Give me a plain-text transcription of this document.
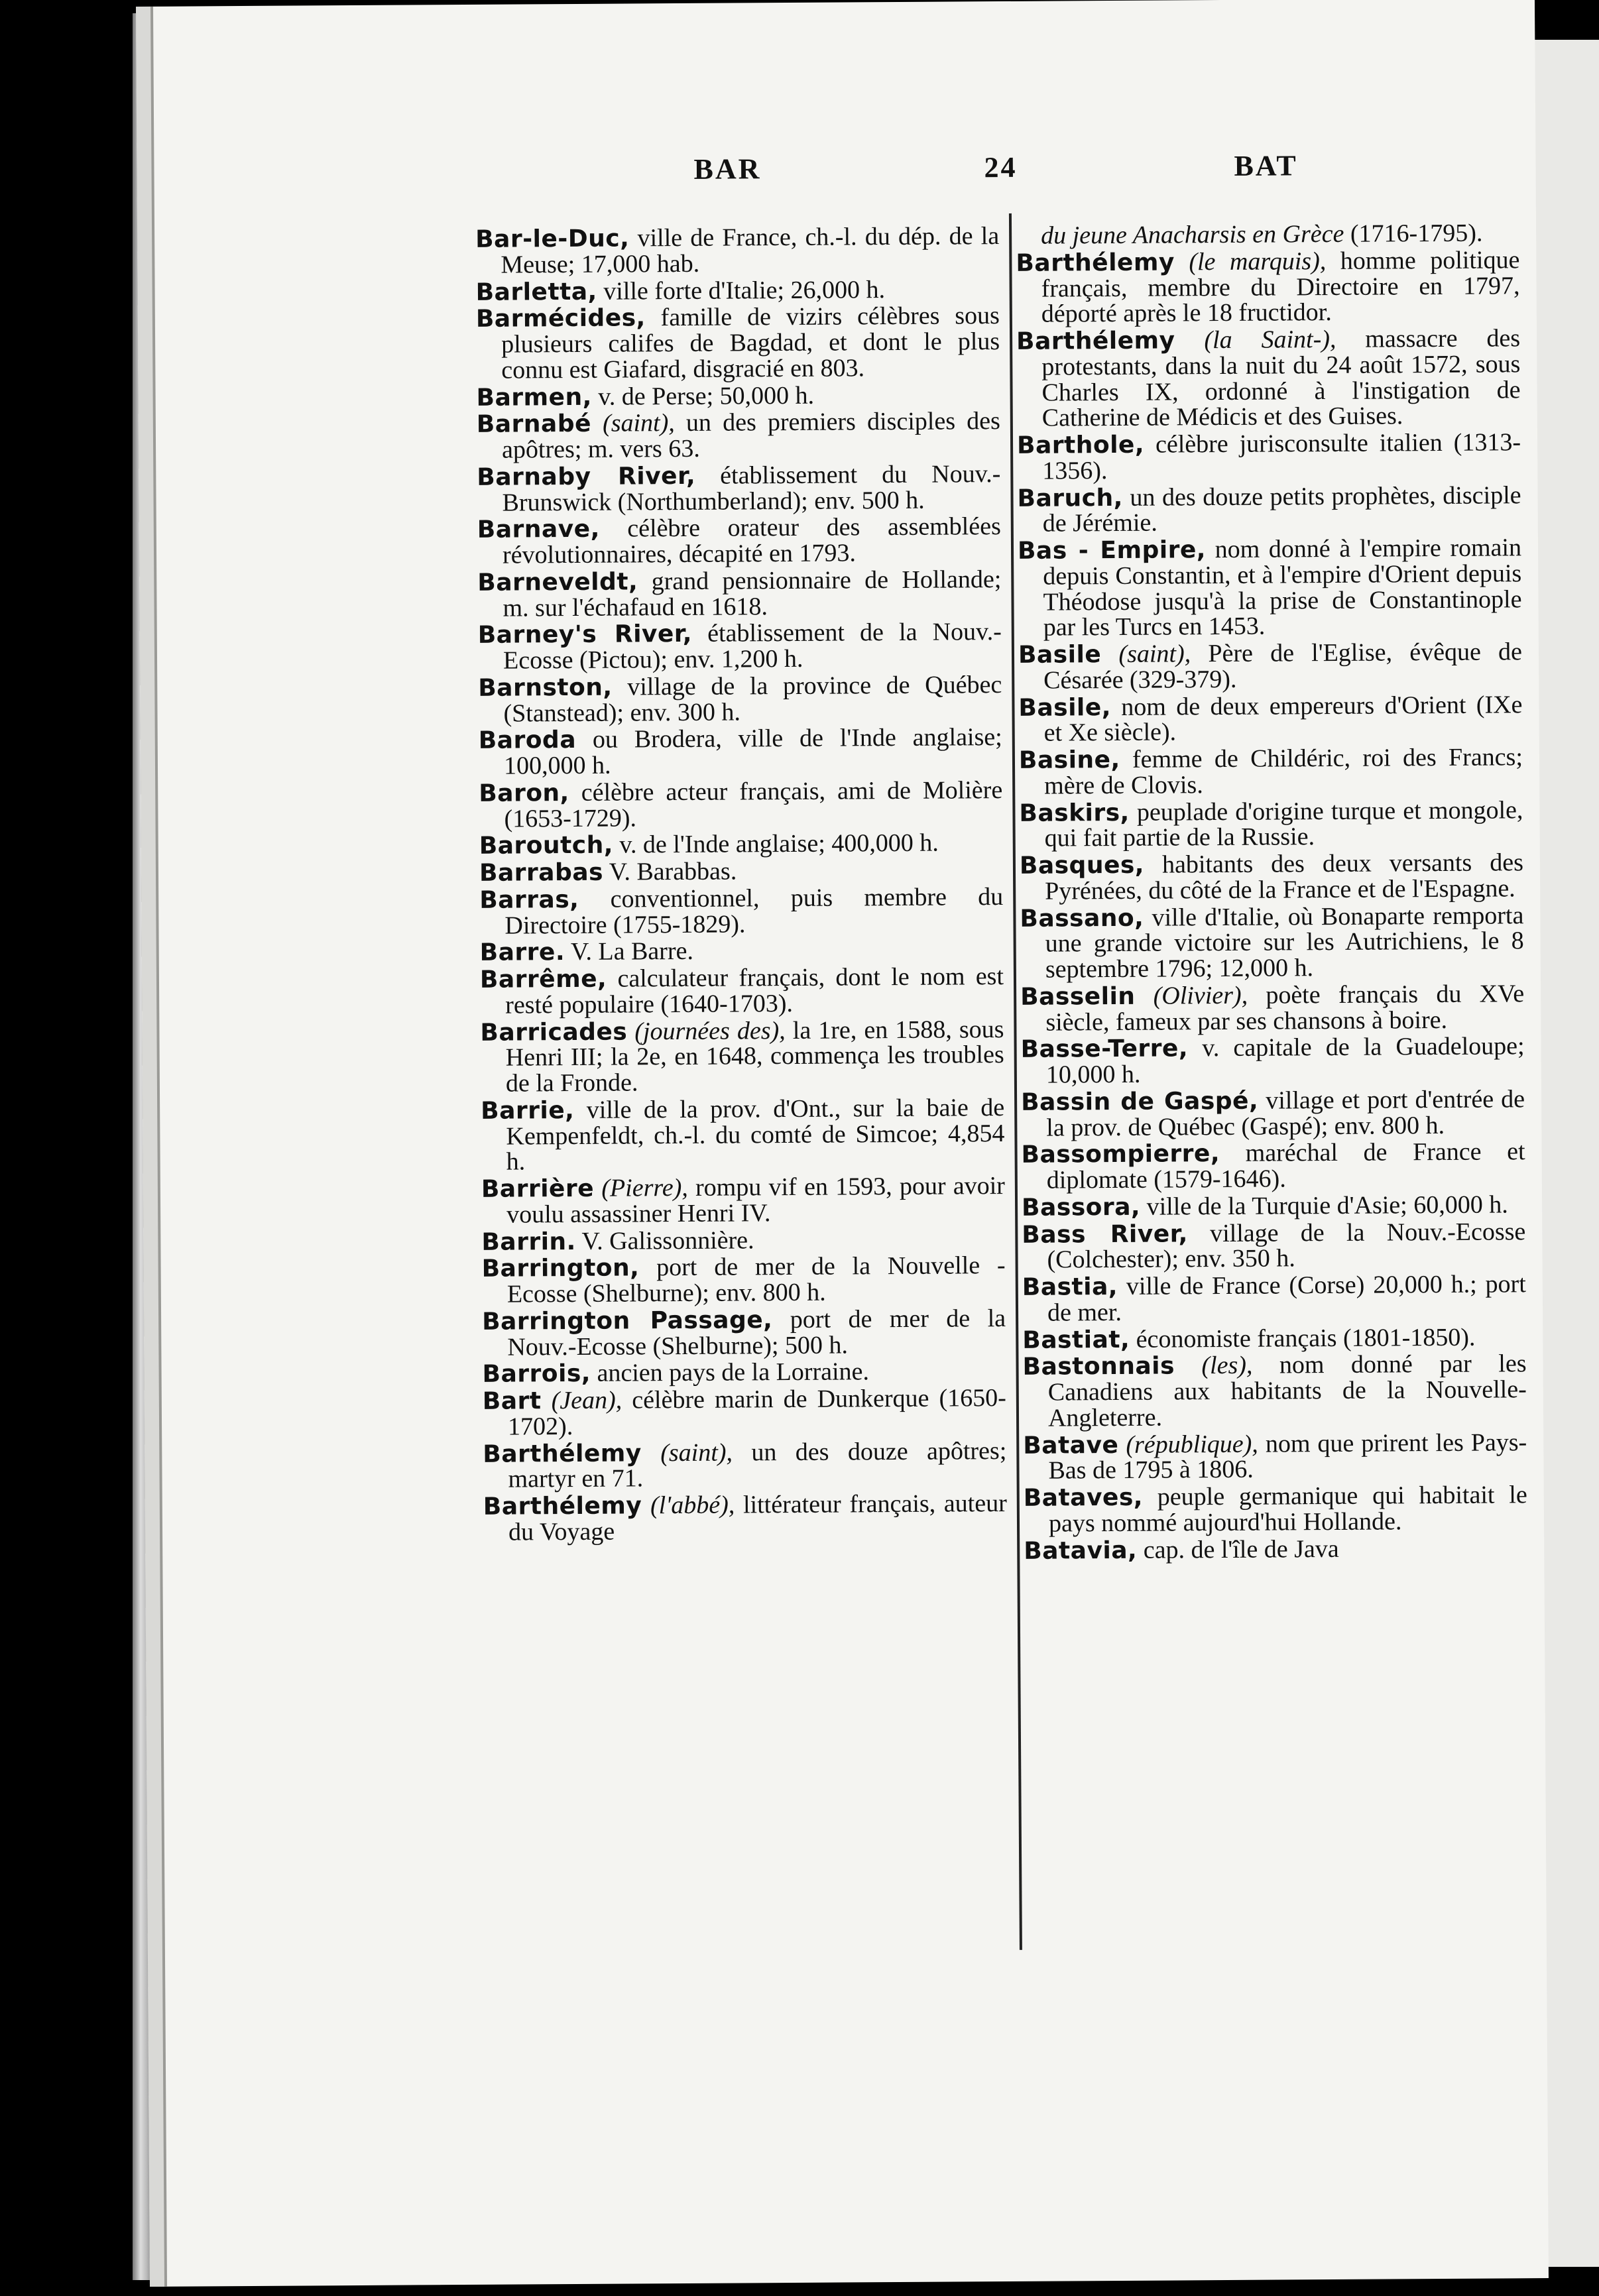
BAR	24	BAT

Bar-le-Duc, ville de France, ch.-l. du dép. de la Meuse; 17,000 hab.

Barletta, ville forte d'Italie; 26,000 h.

Barmécides, famille de vizirs célèbres sous plusieurs califes de Bagdad, et dont le plus connu est Giafard, disgracié en 803.

Barmen, v. de Perse; 50,000 h.

Barnabé (saint), un des premiers disciples des apôtres; m. vers 63.

Barnaby River, établissement du Nouv.-Brunswick (Northumberland); env. 500 h.

Barnave, célèbre orateur des assemblées révolutionnaires, décapité en 1793.

Barneveldt, grand pensionnaire de Hollande; m. sur l'échafaud en 1618.

Barney's River, établissement de la Nouv.-Ecosse (Pictou); env. 1,200 h.

Barnston, village de la province de Québec (Stanstead); env. 300 h.

Baroda ou Brodera, ville de l'Inde anglaise; 100,000 h.

Baron, célèbre acteur français, ami de Molière (1653-1729).

Baroutch, v. de l'Inde anglaise; 400,000 h.

Barrabas V. Barabbas.

Barras, conventionnel, puis membre du Directoire (1755-1829).

Barre. V. La Barre.

Barrême, calculateur français, dont le nom est resté populaire (1640-1703).

Barricades (journées des), la 1re, en 1588, sous Henri III; la 2e, en 1648, commença les troubles de la Fronde.

Barrie, ville de la prov. d'Ont., sur la baie de Kempenfeldt, ch.-l. du comté de Simcoe; 4,854 h.

Barrière (Pierre), rompu vif en 1593, pour avoir voulu assassiner Henri IV.

Barrin. V. Galissonnière.

Barrington, port de mer de la Nouvelle - Ecosse (Shelburne); env. 800 h.

Barrington Passage, port de mer de la Nouv.-Ecosse (Shelburne); 500 h.

Barrois, ancien pays de la Lorraine.

Bart (Jean), célèbre marin de Dunkerque (1650-1702).

Barthélemy (saint), un des douze apôtres; martyr en 71.

Barthélemy (l'abbé), littérateur français, auteur du Voyage

du jeune Anacharsis en Grèce (1716-1795).

Barthélemy (le marquis), homme politique français, membre du Directoire en 1797, déporté après le 18 fructidor.

Barthélemy (la Saint-), massacre des protestants, dans la nuit du 24 août 1572, sous Charles IX, ordonné à l'instigation de Catherine de Médicis et des Guises.

Barthole, célèbre jurisconsulte italien (1313-1356).

Baruch, un des douze petits prophètes, disciple de Jérémie.

Bas - Empire, nom donné à l'empire romain depuis Constantin, et à l'empire d'Orient depuis Théodose jusqu'à la prise de Constantinople par les Turcs en 1453.

Basile (saint), Père de l'Eglise, évêque de Césarée (329-379).

Basile, nom de deux empereurs d'Orient (IXe et Xe siècle).

Basine, femme de Childéric, roi des Francs; mère de Clovis.

Baskirs, peuplade d'origine turque et mongole, qui fait partie de la Russie.

Basques, habitants des deux versants des Pyrénées, du côté de la France et de l'Espagne.

Bassano, ville d'Italie, où Bonaparte remporta une grande victoire sur les Autrichiens, le 8 septembre 1796; 12,000 h.

Basselin (Olivier), poète français du XVe siècle, fameux par ses chansons à boire.

Basse-Terre, v. capitale de la Guadeloupe; 10,000 h.

Bassin de Gaspé, village et port d'entrée de la prov. de Québec (Gaspé); env. 800 h.

Bassompierre, maréchal de France et diplomate (1579-1646).

Bassora, ville de la Turquie d'Asie; 60,000 h.

Bass River, village de la Nouv.-Ecosse (Colchester); env. 350 h.

Bastia, ville de France (Corse) 20,000 h.; port de mer.

Bastiat, économiste français (1801-1850).

Bastonnais (les), nom donné par les Canadiens aux habitants de la Nouvelle-Angleterre.

Batave (république), nom que prirent les Pays-Bas de 1795 à 1806.

Bataves, peuple germanique qui habitait le pays nommé aujourd'hui Hollande.

Batavia, cap. de l'île de Java
